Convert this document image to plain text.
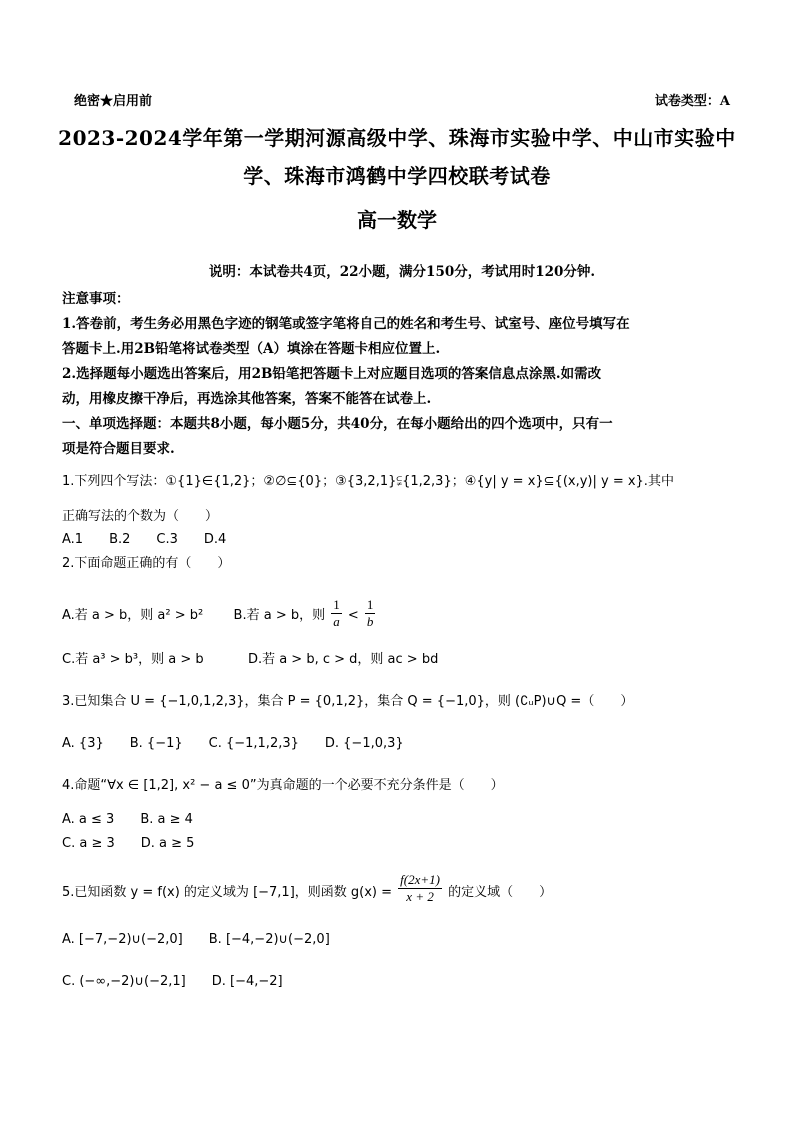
绝密★启用前	试卷类型：A
2023-2024学年第一学期河源高级中学、珠海市实验中学、中山市实验中
学、珠海市鸿鹤中学四校联考试卷
高一数学
说明：本试卷共4页，22小题，满分150分，考试用时120分钟.
注意事项：
1.答卷前，考生务必用黑色字迹的钢笔或签字笔将自己的姓名和考生号、试室号、座位号填写在
答题卡上.用2B铅笔将试卷类型（A）填涂在答题卡相应位置上.
2.选择题每小题选出答案后，用2B铅笔把答题卡上对应题目选项的答案信息点涂黑.如需改
动，用橡皮擦干净后，再选涂其他答案，答案不能答在试卷上.
一、单项选择题：本题共8小题，每小题5分，共40分，在每小题给出的四个选项中，只有一
项是符合题目要求.
1.下列四个写法：①{1}∈{1,2}；②∅⊆{0}；③{3,2,1}⫋{1,2,3}；④{y| y = x}⊆{(x,y)| y = x}.其中
正确写法的个数为（　　）
A.1　　B.2　　C.3　　D.4
2.下面命题正确的有（　　）
A.若 a > b，则 a² > b² B.若 a > b，则 $\frac{1}{a} < \frac{1}{b}$
C.若 a³ > b³，则 a > b	D.若 a > b, c > d，则 ac > bd
3.已知集合 U = {−1,0,1,2,3}，集合 P = {0,1,2}，集合 Q = {−1,0}，则 (∁ᵤP)∪Q =（　　）
A. {3}　　B. {−1}　　C. {−1,1,2,3}　　D. {−1,0,3}
4.命题“∀x ∈ [1,2], x² − a ≤ 0”为真命题的一个必要不充分条件是（　　）
A. a ≤ 3　　B. a ≥ 4
C. a ≥ 3　　D. a ≥ 5
5.已知函数 y = f(x) 的定义域为 [−7,1]，则函数 $g(x) = \frac{f(2x+1)}{x + 2}$ 的定义域（　　）
A. [−7,−2)∪(−2,0]　　B. [−4,−2)∪(−2,0]
C. (−∞,−2)∪(−2,1]　　D. [−4,−2]
